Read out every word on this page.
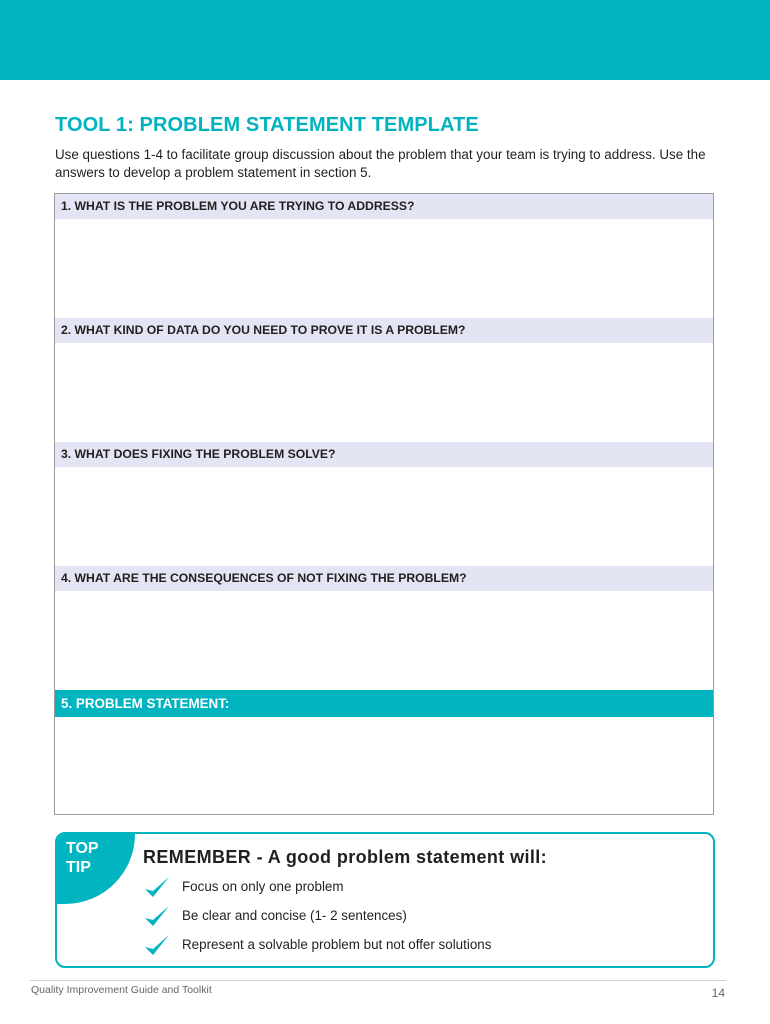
TOOL 1: PROBLEM STATEMENT TEMPLATE

Use questions 1-4 to facilitate group discussion about the problem that your team is trying to address. Use the answers to develop a problem statement in section 5.

1. WHAT IS THE PROBLEM YOU ARE TRYING TO ADDRESS?
2. WHAT KIND OF DATA DO YOU NEED TO PROVE IT IS A PROBLEM?
3. WHAT DOES FIXING THE PROBLEM SOLVE?
4. WHAT ARE THE CONSEQUENCES OF NOT FIXING THE PROBLEM?
5. PROBLEM STATEMENT:
TOP
TIP
REMEMBER - A good problem statement will:
Focus on only one problem
Be clear and concise (1- 2 sentences)
Represent a solvable problem but not offer solutions
Quality Improvement Guide and Toolkit	14
